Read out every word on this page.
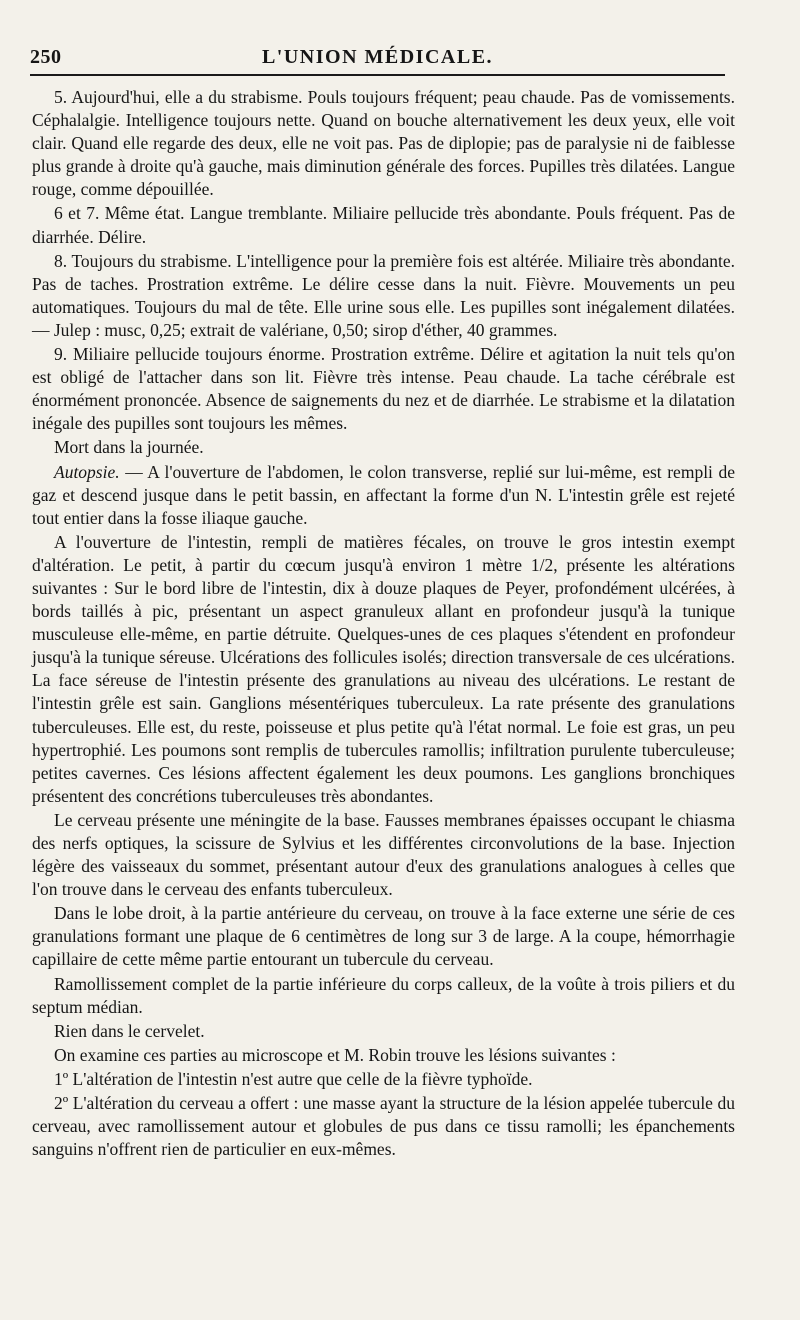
250	L'UNION MÉDICALE.

5. Aujourd'hui, elle a du strabisme. Pouls toujours fréquent; peau chaude. Pas de vomissements. Céphalalgie. Intelligence toujours nette. Quand on bouche alternativement les deux yeux, elle voit clair. Quand elle regarde des deux, elle ne voit pas. Pas de diplopie; pas de paralysie ni de faiblesse plus grande à droite qu'à gauche, mais diminution générale des forces. Pupilles très dilatées. Langue rouge, comme dépouillée.

6 et 7. Même état. Langue tremblante. Miliaire pellucide très abondante. Pouls fréquent. Pas de diarrhée. Délire.

8. Toujours du strabisme. L'intelligence pour la première fois est altérée. Miliaire très abondante. Pas de taches. Prostration extrême. Le délire cesse dans la nuit. Fièvre. Mouvements un peu automatiques. Toujours du mal de tête. Elle urine sous elle. Les pupilles sont inégalement dilatées. — Julep : musc, 0,25; extrait de valériane, 0,50; sirop d'éther, 40 grammes.

9. Miliaire pellucide toujours énorme. Prostration extrême. Délire et agitation la nuit tels qu'on est obligé de l'attacher dans son lit. Fièvre très intense. Peau chaude. La tache cérébrale est énormément prononcée. Absence de saignements du nez et de diarrhée. Le strabisme et la dilatation inégale des pupilles sont toujours les mêmes.

Mort dans la journée.

Autopsie. — A l'ouverture de l'abdomen, le colon transverse, replié sur lui-même, est rempli de gaz et descend jusque dans le petit bassin, en affectant la forme d'un N. L'intestin grêle est rejeté tout entier dans la fosse iliaque gauche.

A l'ouverture de l'intestin, rempli de matières fécales, on trouve le gros intestin exempt d'altération. Le petit, à partir du cœcum jusqu'à environ 1 mètre 1/2, présente les altérations suivantes : Sur le bord libre de l'intestin, dix à douze plaques de Peyer, profondément ulcérées, à bords taillés à pic, présentant un aspect granuleux allant en profondeur jusqu'à la tunique musculeuse elle-même, en partie détruite. Quelques-unes de ces plaques s'étendent en profondeur jusqu'à la tunique séreuse. Ulcérations des follicules isolés; direction transversale de ces ulcérations. La face séreuse de l'intestin présente des granulations au niveau des ulcérations. Le restant de l'intestin grêle est sain. Ganglions mésentériques tuberculeux. La rate présente des granulations tuberculeuses. Elle est, du reste, poisseuse et plus petite qu'à l'état normal. Le foie est gras, un peu hypertrophié. Les poumons sont remplis de tubercules ramollis; infiltration purulente tuberculeuse; petites cavernes. Ces lésions affectent également les deux poumons. Les ganglions bronchiques présentent des concrétions tuberculeuses très abondantes.

Le cerveau présente une méningite de la base. Fausses membranes épaisses occupant le chiasma des nerfs optiques, la scissure de Sylvius et les différentes circonvolutions de la base. Injection légère des vaisseaux du sommet, présentant autour d'eux des granulations analogues à celles que l'on trouve dans le cerveau des enfants tuberculeux.

Dans le lobe droit, à la partie antérieure du cerveau, on trouve à la face externe une série de ces granulations formant une plaque de 6 centimètres de long sur 3 de large. A la coupe, hémorrhagie capillaire de cette même partie entourant un tubercule du cerveau.

Ramollissement complet de la partie inférieure du corps calleux, de la voûte à trois piliers et du septum médian.

Rien dans le cervelet.

On examine ces parties au microscope et M. Robin trouve les lésions suivantes :

1º L'altération de l'intestin n'est autre que celle de la fièvre typhoïde.

2º L'altération du cerveau a offert : une masse ayant la structure de la lésion appelée tubercule du cerveau, avec ramollissement autour et globules de pus dans ce tissu ramolli; les épanchements sanguins n'offrent rien de particulier en eux-mêmes.
